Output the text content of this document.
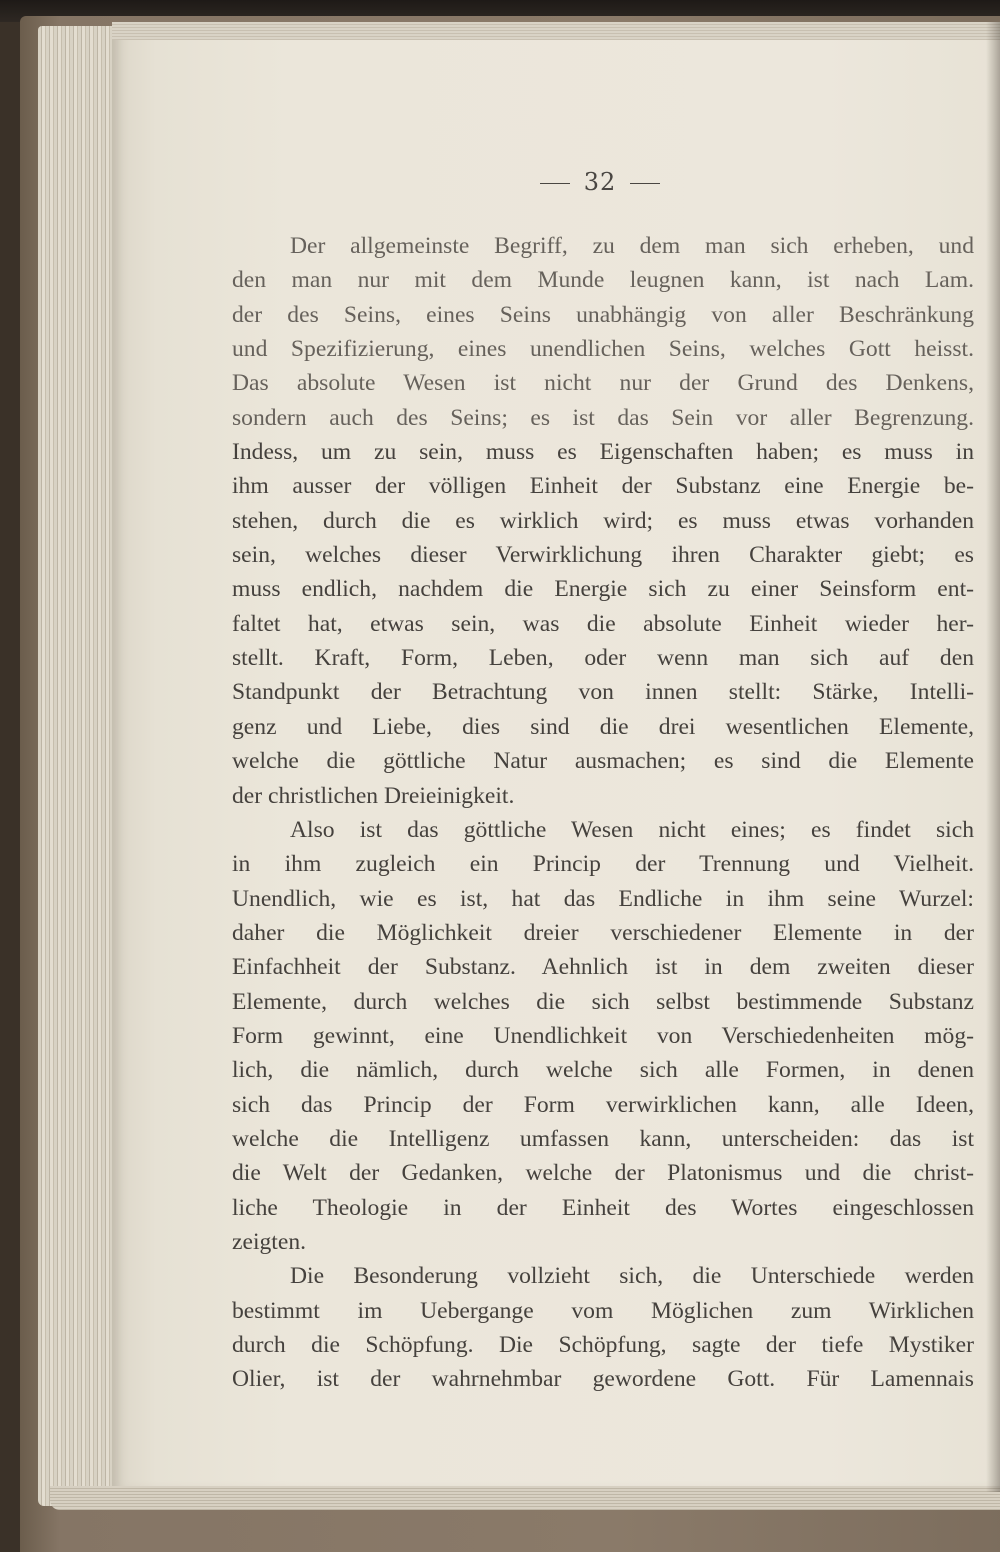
32
Der allgemeinste Begriff, zu dem man sich erheben, und
den man nur mit dem Munde leugnen kann, ist nach Lam.
der des Seins, eines Seins unabhängig von aller Beschränkung
und Spezifizierung, eines unendlichen Seins, welches Gott heisst.
Das absolute Wesen ist nicht nur der Grund des Denkens,
sondern auch des Seins; es ist das Sein vor aller Begrenzung.
Indess, um zu sein, muss es Eigenschaften haben; es muss in
ihm ausser der völligen Einheit der Substanz eine Energie be-
stehen, durch die es wirklich wird; es muss etwas vorhanden
sein, welches dieser Verwirklichung ihren Charakter giebt; es
muss endlich, nachdem die Energie sich zu einer Seinsform ent-
faltet hat, etwas sein, was die absolute Einheit wieder her-
stellt. Kraft, Form, Leben, oder wenn man sich auf den
Standpunkt der Betrachtung von innen stellt: Stärke, Intelli-
genz und Liebe, dies sind die drei wesentlichen Elemente,
welche die göttliche Natur ausmachen; es sind die Elemente
der christlichen Dreieinigkeit.
Also ist das göttliche Wesen nicht eines; es findet sich
in ihm zugleich ein Princip der Trennung und Vielheit.
Unendlich, wie es ist, hat das Endliche in ihm seine Wurzel:
daher die Möglichkeit dreier verschiedener Elemente in der
Einfachheit der Substanz. Aehnlich ist in dem zweiten dieser
Elemente, durch welches die sich selbst bestimmende Substanz
Form gewinnt, eine Unendlichkeit von Verschiedenheiten mög-
lich, die nämlich, durch welche sich alle Formen, in denen
sich das Princip der Form verwirklichen kann, alle Ideen,
welche die Intelligenz umfassen kann, unterscheiden: das ist
die Welt der Gedanken, welche der Platonismus und die christ-
liche Theologie in der Einheit des Wortes eingeschlossen
zeigten.
Die Besonderung vollzieht sich, die Unterschiede werden
bestimmt im Uebergange vom Möglichen zum Wirklichen
durch die Schöpfung. Die Schöpfung, sagte der tiefe Mystiker
Olier, ist der wahrnehmbar gewordene Gott. Für Lamennais
